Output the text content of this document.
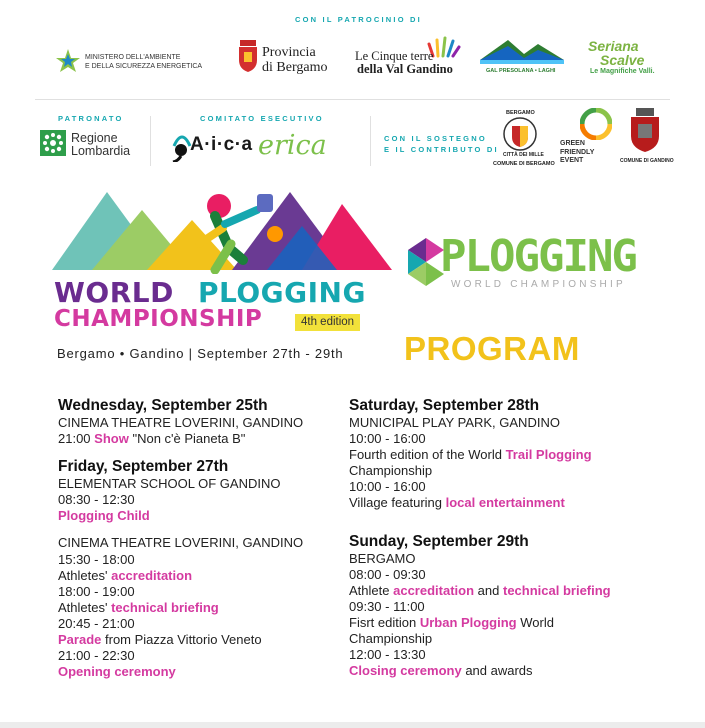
CON IL PATROCINIO DI
MINISTERO DELL'AMBIENTE
E DELLA SICUREZZA ENERGETICA
Provincia
di Bergamo
Le Cinque terre
della Val Gandino	GAL PRESOLANA • LAGHI
Seriana
Scalve
Le Magnifiche Valli.
PATRONATO
Regione
Lombardia
COMITATO ESECUTIVO
A·i·c·a erica	CON IL SOSTEGNO
E IL CONTRIBUTO DI
BERGAMO
CITTÀ DEI MILLE
COMUNE DI BERGAMO
GREEN
FRIENDLY
EVENT	COMUNE DI GANDINO
WORLD PLOGGING
CHAMPIONSHIP	4th edition
Bergamo • Gandino | September 27th - 29th
PLOGGING
WORLD CHAMPIONSHIP
PROGRAM
Wednesday, September 25th
CINEMA THEATRE LOVERINI, GANDINO
21:00 Show "Non c'è Pianeta B"
Friday, September 27th
ELEMENTAR SCHOOL OF GANDINO
08:30 - 12:30
Plogging Child
CINEMA THEATRE LOVERINI, GANDINO
15:30 - 18:00
Athletes' accreditation
18:00 - 19:00
Athletes' technical briefing
20:45 - 21:00
Parade from Piazza Vittorio Veneto
21:00 - 22:30
Opening ceremony
Saturday, September 28th
MUNICIPAL PLAY PARK, GANDINO
10:00 - 16:00
Fourth edition of the World Trail Plogging
Championship
10:00 - 16:00
Village featuring local entertainment
Sunday, September 29th
BERGAMO
08:00 - 09:30
Athlete accreditation and technical briefing
09:30 - 11:00
Fisrt edition Urban Plogging World
Championship
12:00 - 13:30
Closing ceremony and awards
